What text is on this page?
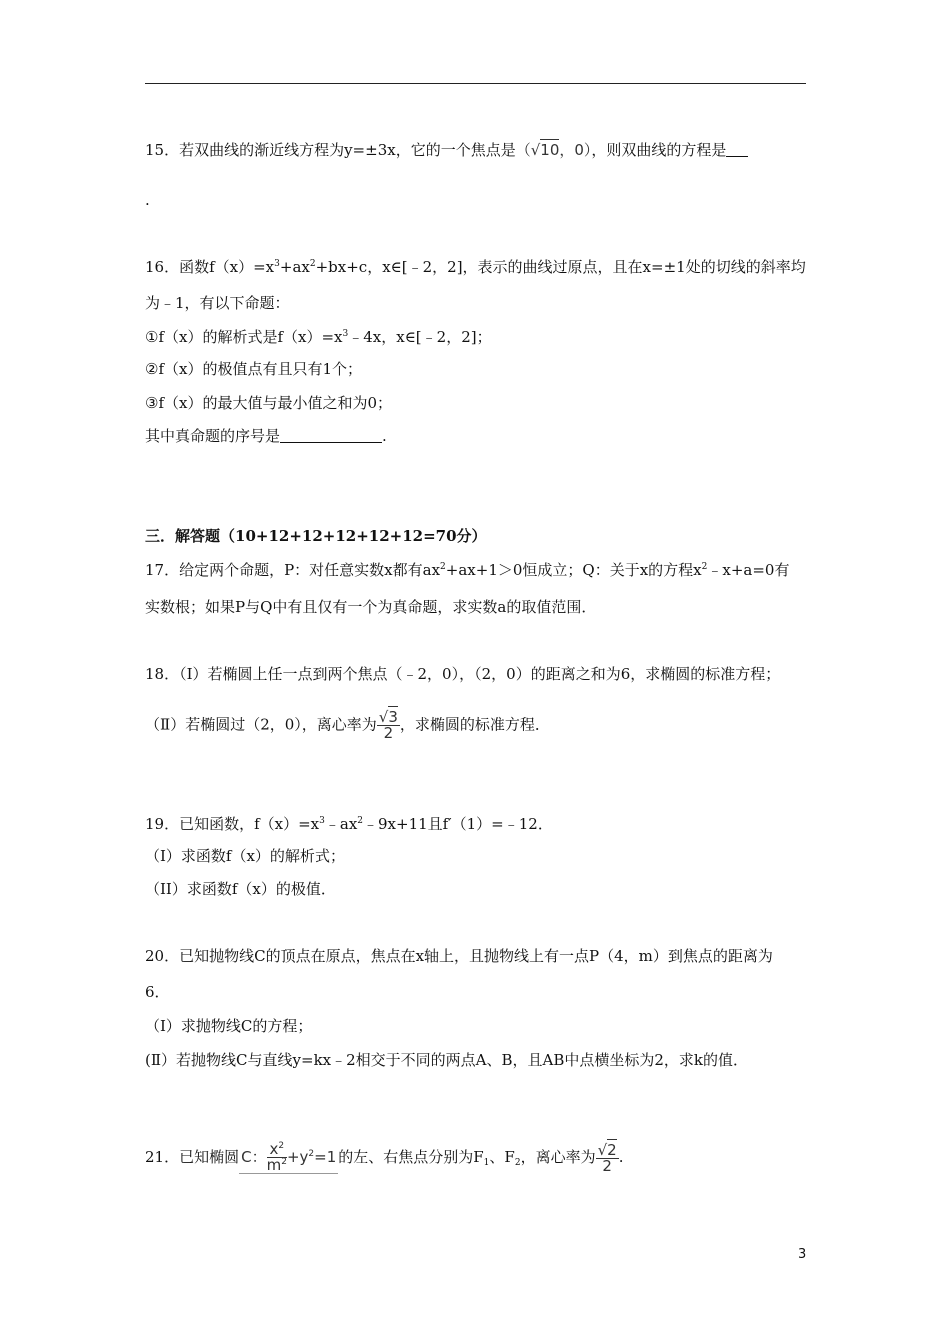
15．若双曲线的渐近线方程为y=±3x，它的一个焦点是（√10，0），则双曲线的方程是
.
16．函数$f(x)=x^3+ax^2+bx+c$，x∈[﹣2，2]，表示的曲线过原点，且在x=±1处的切线的斜率均
为﹣1，有以下命题：
①f（x）的解析式是$f(x)=x^3﹣4x$，x∈[﹣2，2]；
②f（x）的极值点有且只有1个；
③f（x）的最大值与最小值之和为0；
其中真命题的序号是	.
三．解答题（10+12+12+12+12+12=70分）
17．给定两个命题，P：对任意实数x都有$ax^2+ax+1>0$恒成立；Q：关于x的方程$x^2﹣x+a=0$有
实数根；如果P与Q中有且仅有一个为真命题，求实数a的取值范围．
18．（Ⅰ）若椭圆上任一点到两个焦点（﹣2，0），（2，0）的距离之和为6，求椭圆的标准方程；
（Ⅱ）若椭圆过（2，0），离心率为 $\frac{√3}{2}$ ，求椭圆的标准方程．
19．已知函数，$f(x)=x^3﹣ax^2﹣9x+11$且f′（1）=﹣12．
（I）求函数f（x）的解析式；
（II）求函数f（x）的极值．
20．已知抛物线C的顶点在原点，焦点在x轴上，且抛物线上有一点P（4，m）到焦点的距离为
6．
（Ⅰ）求抛物线C的方程；
(Ⅱ）若抛物线C与直线y=kx﹣2相交于不同的两点A、B，且AB中点横坐标为2，求k的值．
21．已知椭圆 C： $\frac{x^2}{m^2} +y^2=1$ 的左、右焦点分别为$F_1$、$F_2$，离心率为 $\frac{√2}{2}$ .
3
